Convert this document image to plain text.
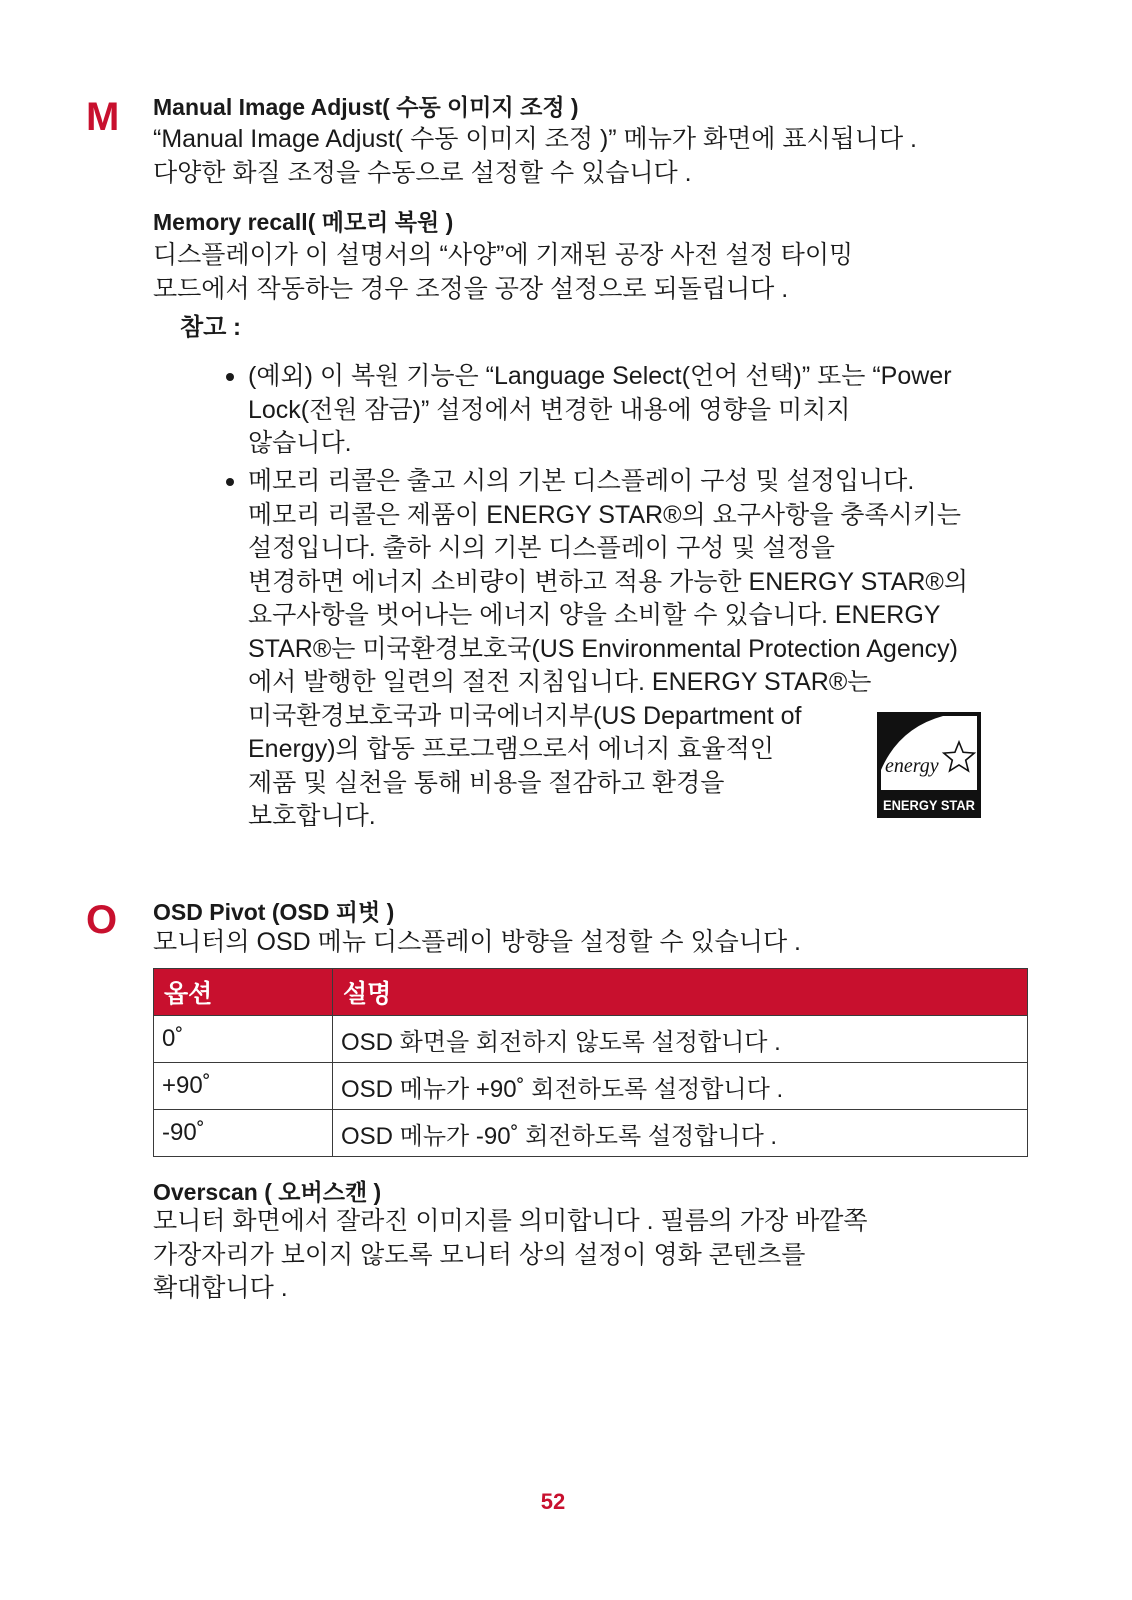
M Manual Image Adjust( 수동 이미지 조정 )
“Manual Image Adjust( 수동 이미지 조정 )” 메뉴가 화면에 표시됩니다 .
다양한 화질 조정을 수동으로 설정할 수 있습니다 .
Memory recall( 메모리 복원 )
디스플레이가 이 설명서의 “사양”에 기재된 공장 사전 설정 타이밍
모드에서 작동하는 경우 조정을 공장 설정으로 되돌립니다 .
참고 :
(예외) 이 복원 기능은 “Language Select(언어 선택)” 또는 “Power
Lock(전원 잠금)” 설정에서 변경한 내용에 영향을 미치지
않습니다.
메모리 리콜은 출고 시의 기본 디스플레이 구성 및 설정입니다.
메모리 리콜은 제품이 ENERGY STAR®의 요구사항을 충족시키는
설정입니다. 출하 시의 기본 디스플레이 구성 및 설정을
변경하면 에너지 소비량이 변하고 적용 가능한 ENERGY STAR®의
요구사항을 벗어나는 에너지 양을 소비할 수 있습니다. ENERGY
STAR®는 미국환경보호국(US Environmental Protection Agency)
에서 발행한 일련의 절전 지침입니다. ENERGY STAR®는
미국환경보호국과 미국에너지부(US Department of
Energy)의 합동 프로그램으로서 에너지 효율적인
제품 및 실천을 통해 비용을 절감하고 환경을
보호합니다.
energy
ENERGY STAR
O OSD Pivot (OSD 피벗 )
모니터의 OSD 메뉴 디스플레이 방향을 설정할 수 있습니다 .
옵션	설명
0˚	OSD 화면을 회전하지 않도록 설정합니다 .
+90˚	OSD 메뉴가 +90˚ 회전하도록 설정합니다 .
-90˚	OSD 메뉴가 -90˚ 회전하도록 설정합니다 .
Overscan ( 오버스캔 )
모니터 화면에서 잘라진 이미지를 의미합니다 . 필름의 가장 바깥쪽
가장자리가 보이지 않도록 모니터 상의 설정이 영화 콘텐츠를
확대합니다 .
52
